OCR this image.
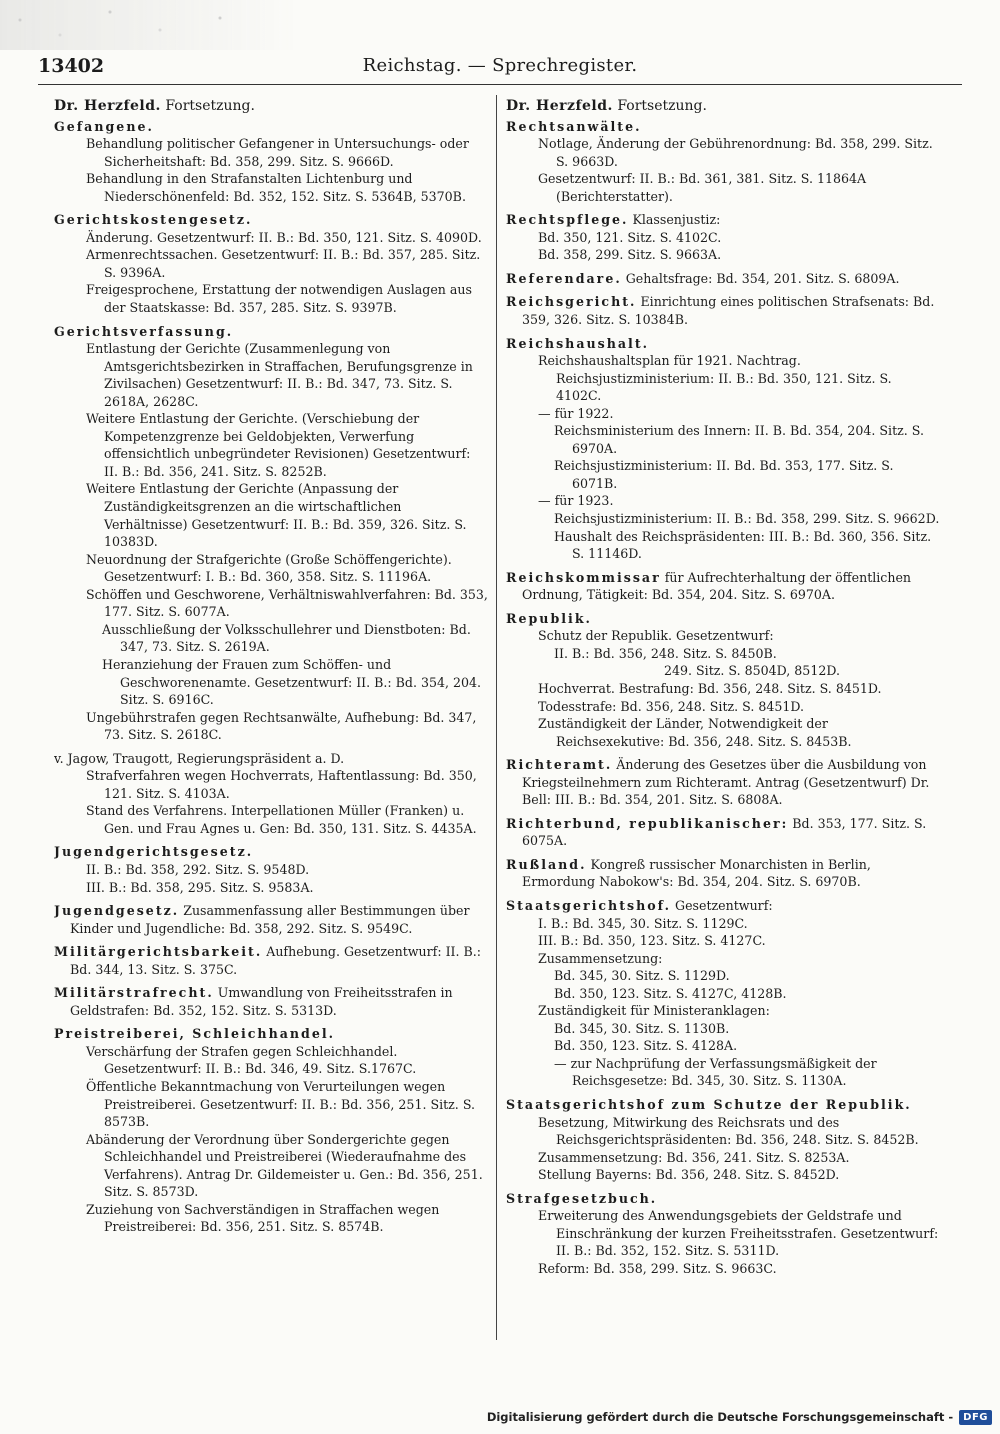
13402	Reichstag. — Sprechregister.
Dr. Herzfeld. Fortsetzung.

Gefangene.

Behandlung politischer Gefangener in Untersuchungs- oder Sicherheitshaft: Bd. 358, 299. Sitz. S. 9666D.

Behandlung in den Strafanstalten Lichtenburg und Niederschönenfeld: Bd. 352, 152. Sitz. S. 5364B, 5370B.

Gerichtskostengesetz.

Änderung. Gesetzentwurf: II. B.: Bd. 350, 121. Sitz. S. 4090D.

Armenrechtssachen. Gesetzentwurf: II. B.: Bd. 357, 285. Sitz. S. 9396A.

Freigesprochene, Erstattung der notwendigen Auslagen aus der Staatskasse: Bd. 357, 285. Sitz. S. 9397B.

Gerichtsverfassung.

Entlastung der Gerichte (Zusammenlegung von Amtsgerichtsbezirken in Straffachen, Berufungsgrenze in Zivilsachen) Gesetzentwurf: II. B.: Bd. 347, 73. Sitz. S. 2618A, 2628C.

Weitere Entlastung der Gerichte. (Verschiebung der Kompetenzgrenze bei Geldobjekten, Verwerfung offensichtlich unbegründeter Revisionen) Gesetzentwurf: II. B.: Bd. 356, 241. Sitz. S. 8252B.

Weitere Entlastung der Gerichte (Anpassung der Zuständigkeitsgrenzen an die wirtschaftlichen Verhältnisse) Gesetzentwurf: II. B.: Bd. 359, 326. Sitz. S. 10383D.

Neuordnung der Strafgerichte (Große Schöffengerichte). Gesetzentwurf: I. B.: Bd. 360, 358. Sitz. S. 11196A.

Schöffen und Geschworene, Verhältniswahlverfahren: Bd. 353, 177. Sitz. S. 6077A.

Ausschließung der Volksschullehrer und Dienstboten: Bd. 347, 73. Sitz. S. 2619A.

Heranziehung der Frauen zum Schöffen- und Geschworenenamte. Gesetzentwurf: II. B.: Bd. 354, 204. Sitz. S. 6916C.

Ungebührstrafen gegen Rechtsanwälte, Aufhebung: Bd. 347, 73. Sitz. S. 2618C.

v. Jagow, Traugott, Regierungspräsident a. D.

Strafverfahren wegen Hochverrats, Haftentlassung: Bd. 350, 121. Sitz. S. 4103A.

Stand des Verfahrens. Interpellationen Müller (Franken) u. Gen. und Frau Agnes u. Gen: Bd. 350, 131. Sitz. S. 4435A.

Jugendgerichtsgesetz.

II. B.: Bd. 358, 292. Sitz. S. 9548D.

III. B.: Bd. 358, 295. Sitz. S. 9583A.

Jugendgesetz. Zusammenfassung aller Bestimmungen über Kinder und Jugendliche: Bd. 358, 292. Sitz. S. 9549C.

Militärgerichtsbarkeit. Aufhebung. Gesetzentwurf: II. B.: Bd. 344, 13. Sitz. S. 375C.

Militärstrafrecht. Umwandlung von Freiheitsstrafen in Geldstrafen: Bd. 352, 152. Sitz. S. 5313D.

Preistreiberei, Schleichhandel.

Verschärfung der Strafen gegen Schleichhandel. Gesetzentwurf: II. B.: Bd. 346, 49. Sitz. S.1767C.

Öffentliche Bekanntmachung von Verurteilungen wegen Preistreiberei. Gesetzentwurf: II. B.: Bd. 356, 251. Sitz. S. 8573B.

Abänderung der Verordnung über Sondergerichte gegen Schleichhandel und Preistreiberei (Wiederaufnahme des Verfahrens). Antrag Dr. Gildemeister u. Gen.: Bd. 356, 251. Sitz. S. 8573D.

Zuziehung von Sachverständigen in Straffachen wegen Preistreiberei: Bd. 356, 251. Sitz. S. 8574B.

Dr. Herzfeld. Fortsetzung.

Rechtsanwälte.

Notlage, Änderung der Gebührenordnung: Bd. 358, 299. Sitz. S. 9663D.

Gesetzentwurf: II. B.: Bd. 361, 381. Sitz. S. 11864A (Berichterstatter).

Rechtspflege. Klassenjustiz:

Bd. 350, 121. Sitz. S. 4102C.

Bd. 358, 299. Sitz. S. 9663A.

Referendare. Gehaltsfrage: Bd. 354, 201. Sitz. S. 6809A.

Reichsgericht. Einrichtung eines politischen Strafsenats: Bd. 359, 326. Sitz. S. 10384B.

Reichshaushalt.

Reichshaushaltsplan für 1921. Nachtrag. Reichsjustizministerium: II. B.: Bd. 350, 121. Sitz. S. 4102C.

— für 1922.

Reichsministerium des Innern: II. B. Bd. 354, 204. Sitz. S. 6970A.

Reichsjustizministerium: II. Bd. Bd. 353, 177. Sitz. S. 6071B.

— für 1923.

Reichsjustizministerium: II. B.: Bd. 358, 299. Sitz. S. 9662D.

Haushalt des Reichspräsidenten: III. B.: Bd. 360, 356. Sitz. S. 11146D.

Reichskommissar für Aufrechterhaltung der öffentlichen Ordnung, Tätigkeit: Bd. 354, 204. Sitz. S. 6970A.

Republik.

Schutz der Republik. Gesetzentwurf:

II. B.: Bd. 356, 248. Sitz. S. 8450B.

249. Sitz. S. 8504D, 8512D.

Hochverrat. Bestrafung: Bd. 356, 248. Sitz. S. 8451D.

Todesstrafe: Bd. 356, 248. Sitz. S. 8451D.

Zuständigkeit der Länder, Notwendigkeit der Reichsexekutive: Bd. 356, 248. Sitz. S. 8453B.

Richteramt. Änderung des Gesetzes über die Ausbildung von Kriegsteilnehmern zum Richteramt. Antrag (Gesetzentwurf) Dr. Bell: III. B.: Bd. 354, 201. Sitz. S. 6808A.

Richterbund, republikanischer: Bd. 353, 177. Sitz. S. 6075A.

Rußland. Kongreß russischer Monarchisten in Berlin, Ermordung Nabokow's: Bd. 354, 204. Sitz. S. 6970B.

Staatsgerichtshof. Gesetzentwurf:

I. B.: Bd. 345, 30. Sitz. S. 1129C.

III. B.: Bd. 350, 123. Sitz. S. 4127C.

Zusammensetzung:

Bd. 345, 30. Sitz. S. 1129D.

Bd. 350, 123. Sitz. S. 4127C, 4128B.

Zuständigkeit für Ministeranklagen:

Bd. 345, 30. Sitz. S. 1130B.

Bd. 350, 123. Sitz. S. 4128A.

— zur Nachprüfung der Verfassungsmäßigkeit der Reichsgesetze: Bd. 345, 30. Sitz. S. 1130A.

Staatsgerichtshof zum Schutze der Republik.

Besetzung, Mitwirkung des Reichsrats und des Reichsgerichtspräsidenten: Bd. 356, 248. Sitz. S. 8452B.

Zusammensetzung: Bd. 356, 241. Sitz. S. 8253A.

Stellung Bayerns: Bd. 356, 248. Sitz. S. 8452D.

Strafgesetzbuch.

Erweiterung des Anwendungsgebiets der Geldstrafe und Einschränkung der kurzen Freiheitsstrafen. Gesetzentwurf: II. B.: Bd. 352, 152. Sitz. S. 5311D.

Reform: Bd. 358, 299. Sitz. S. 9663C.

Digitalisierung gefördert durch die Deutsche Forschungsgemeinschaft -	DFG
